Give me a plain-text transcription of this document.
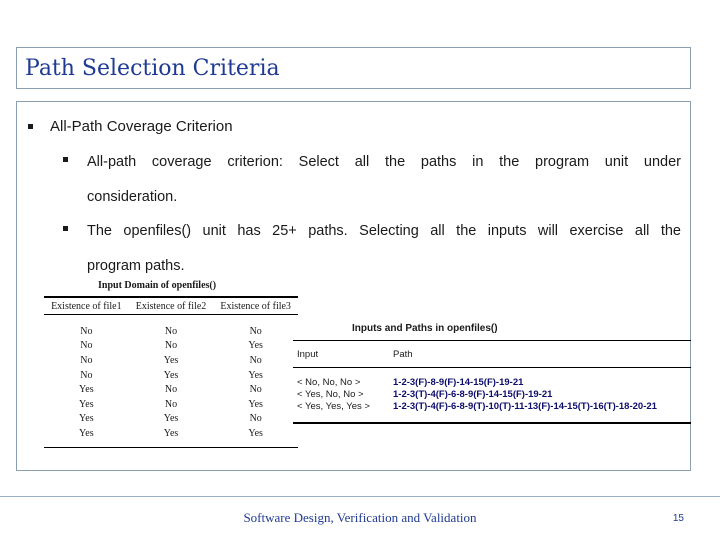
Path Selection Criteria
All-Path Coverage Criterion
All-path coverage criterion: Select all the paths in the program unit under
consideration.
The openfiles() unit has 25+ paths. Selecting all the inputs will exercise all the
program paths.
Input Domain of openfiles()
Existence of file1	Existence of file2	Existence of file3
No	No	No
No	No	Yes
No	Yes	No
No	Yes	Yes
Yes	No	No
Yes	No	Yes
Yes	Yes	No
Yes	Yes	Yes
Inputs and Paths in openfiles()
Input	Path
< No, No, No >	1-2-3(F)-8-9(F)-14-15(F)-19-21
< Yes, No, No >	1-2-3(T)-4(F)-6-8-9(F)-14-15(F)-19-21
< Yes, Yes, Yes >	1-2-3(T)-4(F)-6-8-9(T)-10(T)-11-13(F)-14-15(T)-16(T)-18-20-21
Software Design, Verification and Validation	15
